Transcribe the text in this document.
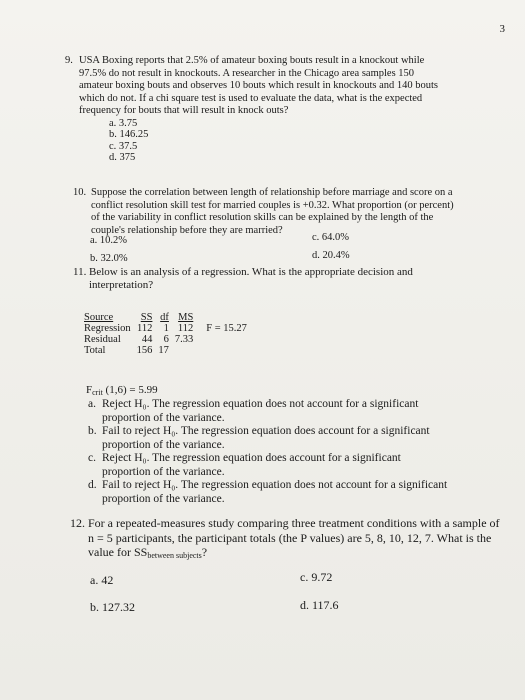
3
9. USA Boxing reports that 2.5% of amateur boxing bouts result in a knockout while
97.5% do not result in knockouts. A researcher in the Chicago area samples 150
amateur boxing bouts and observes 10 bouts which result in knockouts and 140 bouts
which do not. If a chi square test is used to evaluate the data, what is the expected
frequency for bouts that will result in knock outs?
a. 3.75
b. 146.25
c. 37.5
d. 375
10. Suppose the correlation between length of relationship before marriage and score on a
conflict resolution skill test for married couples is +0.32. What proportion (or percent)
of the variability in conflict resolution skills can be explained by the length of the
couple's relationship before they are married?
a. 10.2%	c. 64.0%
b. 32.0%	d. 20.4%
11. Below is an analysis of a regression. What is the appropriate decision and
interpretation?
Source	SS	df	MS	
Regression	112	1	112	F = 15.27
Residual	44	6	7.33	
Total	156	17		
$F_{crit}$ (1,6) = 5.99
a. Reject H₀. The regression equation does not account for a significant proportion of the variance.
b. Fail to reject H₀. The regression equation does account for a significant proportion of the variance.
c. Reject H₀. The regression equation does account for a significant proportion of the variance.
d. Fail to reject H₀. The regression equation does not account for a significant proportion of the variance.
12. For a repeated-measures study comparing three treatment conditions with a sample of
n = 5 participants, the participant totals (the P values) are 5, 8, 10, 12, 7. What is the
value for $SS_{between subjects}$?
a. 42	c. 9.72
b. 127.32	d. 117.6
